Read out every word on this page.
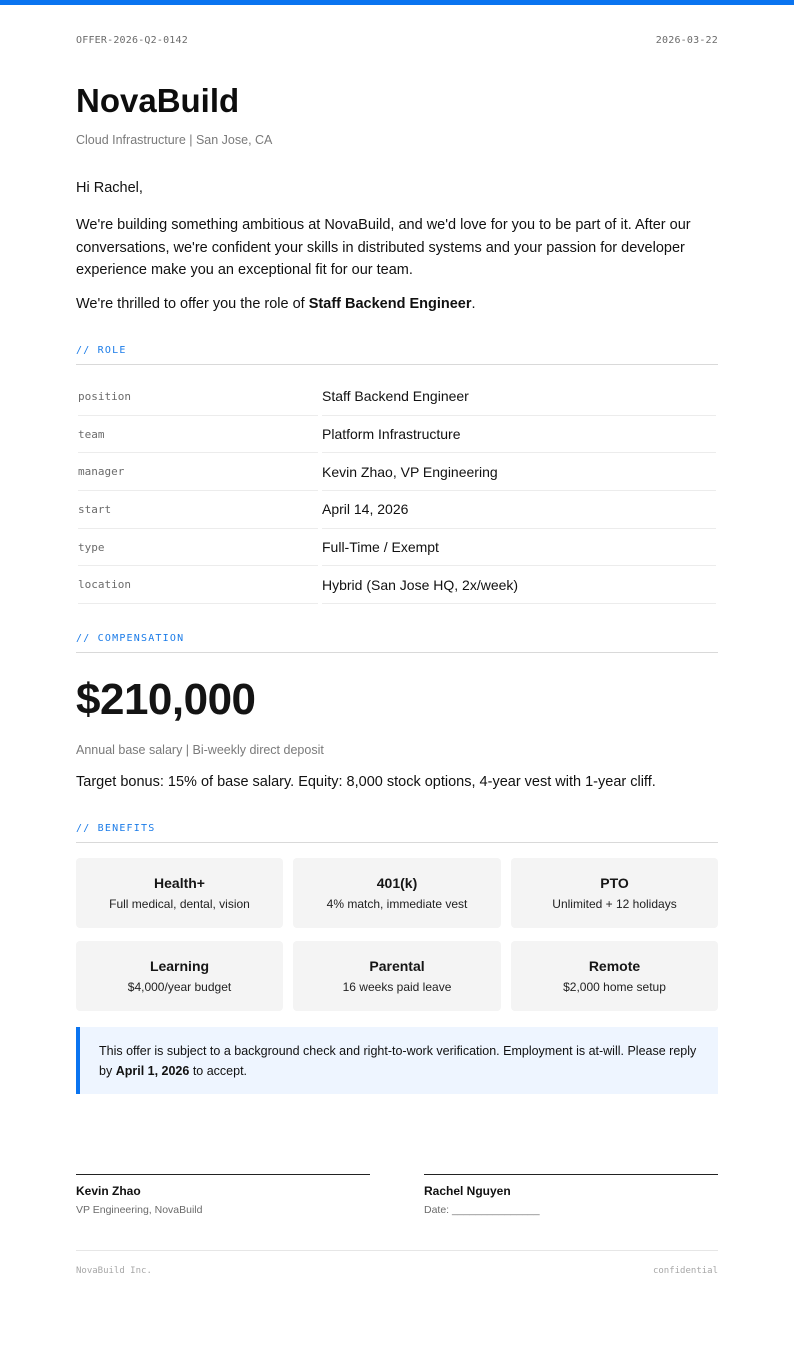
OFFER-2026-Q2-0142	2026-03-22
NovaBuild
Cloud Infrastructure | San Jose, CA
Hi Rachel,

We're building something ambitious at NovaBuild, and we'd love for you to be part of it. After our conversations, we're confident your skills in distributed systems and your passion for developer experience make you an exceptional fit for our team.

We're thrilled to offer you the role of Staff Backend Engineer.
// ROLE
position	Staff Backend Engineer
team	Platform Infrastructure
manager	Kevin Zhao, VP Engineering
start	April 14, 2026
type	Full-Time / Exempt
location	Hybrid (San Jose HQ, 2x/week)
// COMPENSATION
$210,000
Annual base salary | Bi-weekly direct deposit
Target bonus: 15% of base salary. Equity: 8,000 stock options, 4-year vest with 1-year cliff.
// BENEFITS
Health+
Full medical, dental, vision
401(k)
4% match, immediate vest
PTO
Unlimited + 12 holidays
Learning
$4,000/year budget
Parental
16 weeks paid leave
Remote
$2,000 home setup
This offer is subject to a background check and right-to-work verification. Employment is at-will. Please reply by April 1, 2026 to accept.
Kevin Zhao
VP Engineering, NovaBuild
Rachel Nguyen
Date: _______________
NovaBuild Inc.	confidential
